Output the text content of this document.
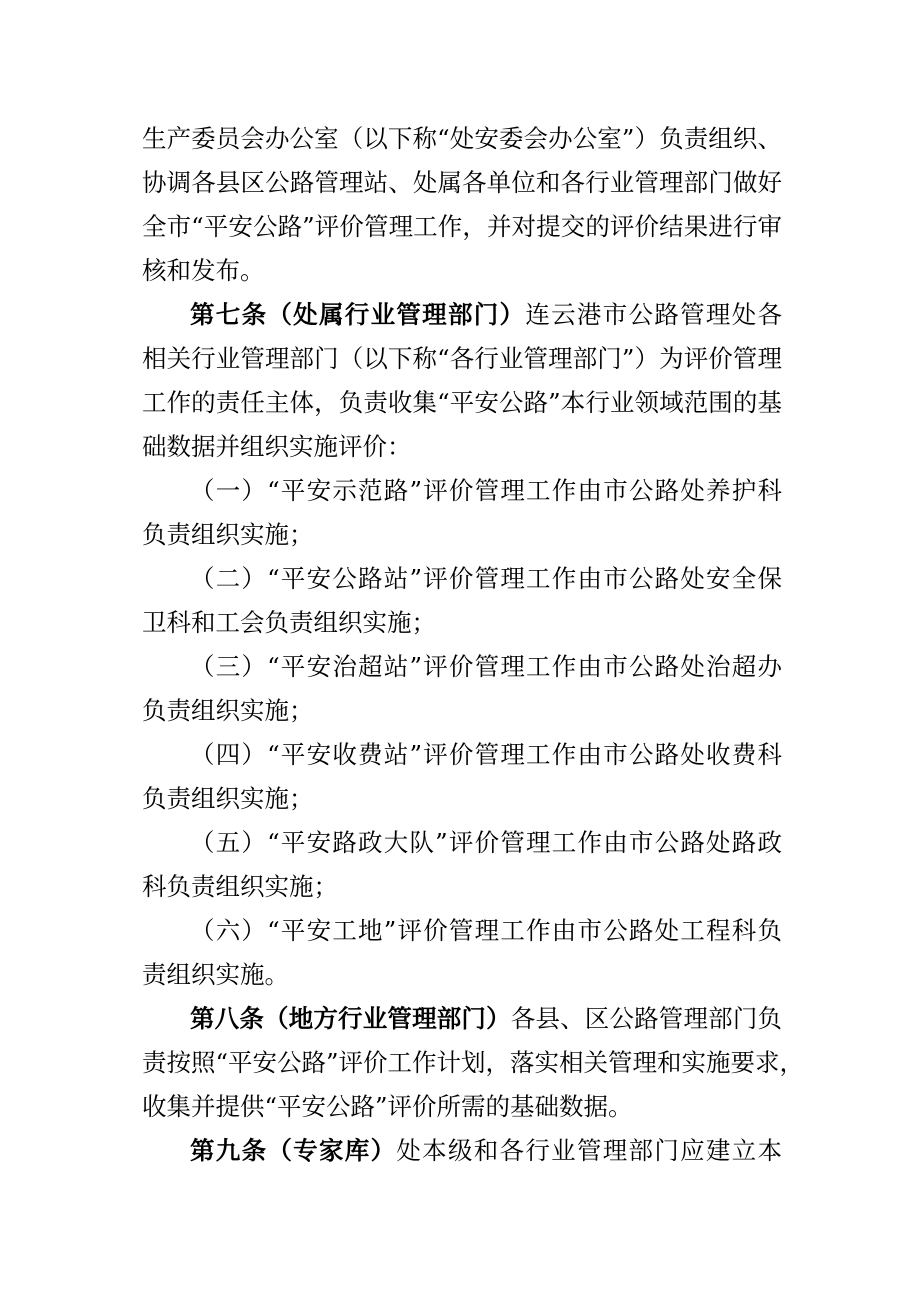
生产委员会办公室（以下称“处安委会办公室”）负责组织、
协调各县区公路管理站、处属各单位和各行业管理部门做好
全市“平安公路”评价管理工作，并对提交的评价结果进行审
核和发布。
第七条（处属行业管理部门）连云港市公路管理处各
相关行业管理部门（以下称“各行业管理部门”）为评价管理
工作的责任主体，负责收集“平安公路”本行业领域范围的基
础数据并组织实施评价：
（一）“平安示范路”评价管理工作由市公路处养护科
负责组织实施；
（二）“平安公路站”评价管理工作由市公路处安全保
卫科和工会负责组织实施；
（三）“平安治超站”评价管理工作由市公路处治超办
负责组织实施；
（四）“平安收费站”评价管理工作由市公路处收费科
负责组织实施；
（五）“平安路政大队”评价管理工作由市公路处路政
科负责组织实施；
（六）“平安工地”评价管理工作由市公路处工程科负
责组织实施。
第八条（地方行业管理部门）各县、区公路管理部门负
责按照“平安公路”评价工作计划，落实相关管理和实施要求，
收集并提供“平安公路”评价所需的基础数据。
第九条（专家库）处本级和各行业管理部门应建立本
